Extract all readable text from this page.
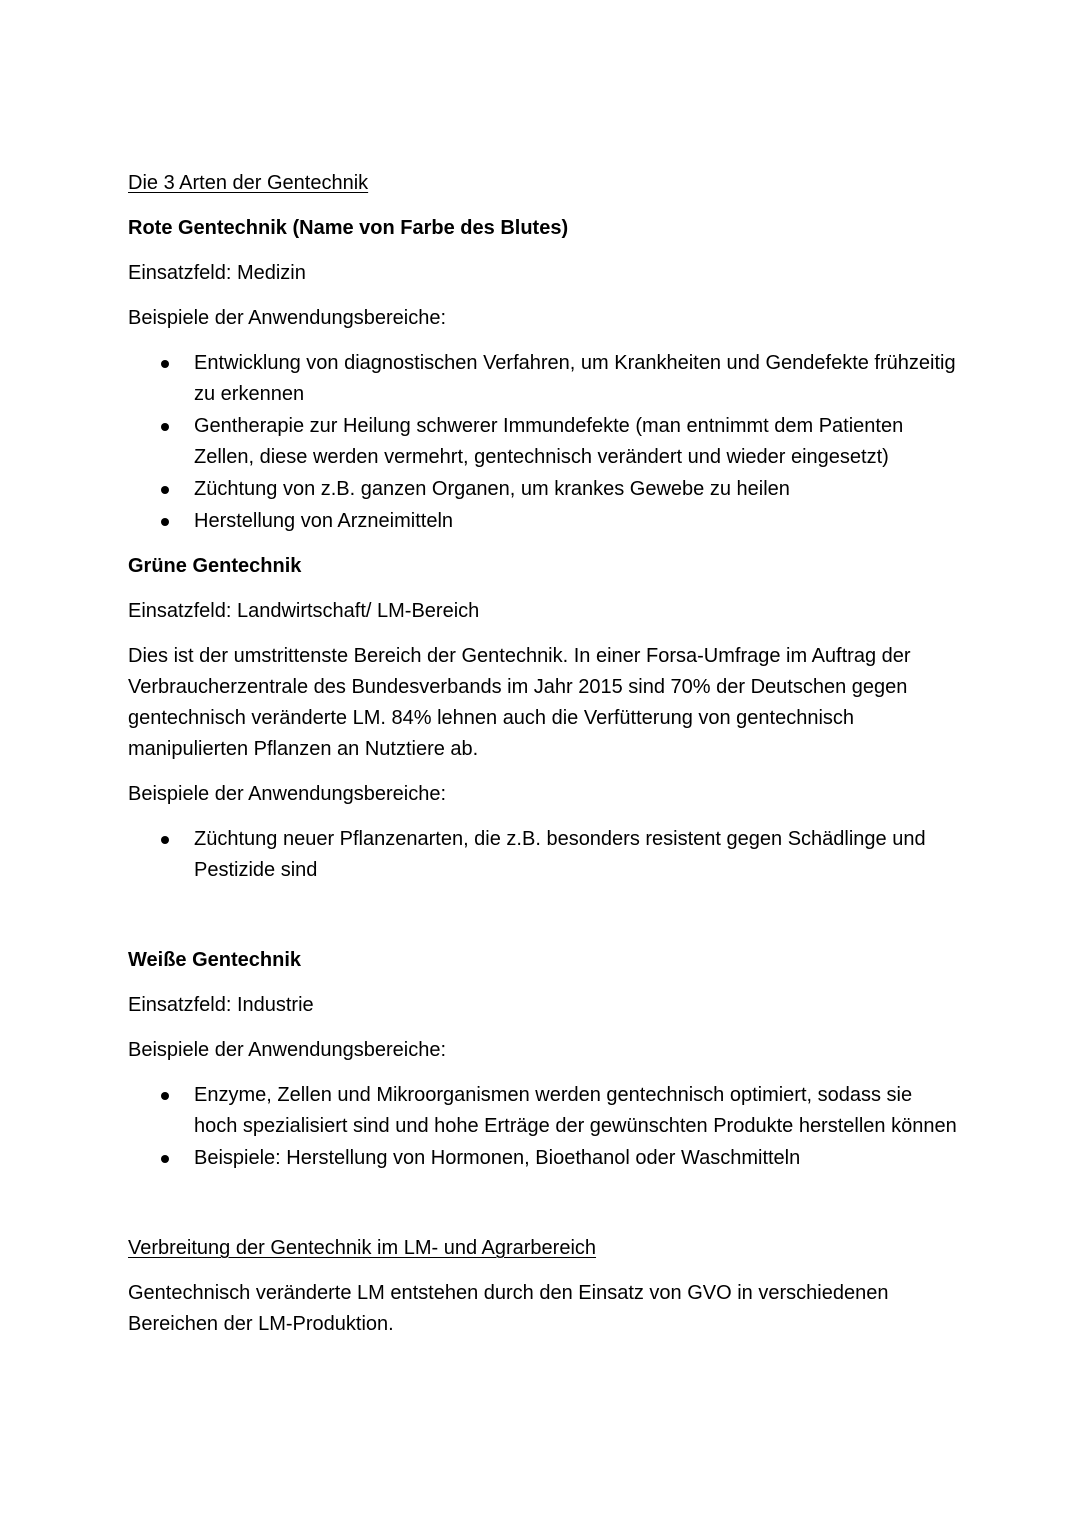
Die 3 Arten der Gentechnik
Rote Gentechnik (Name von Farbe des Blutes)

Einsatzfeld: Medizin

Beispiele der Anwendungsbereiche:

Entwicklung von diagnostischen Verfahren, um Krankheiten und Gendefekte frühzeitig zu erkennen
Gentherapie zur Heilung schwerer Immundefekte (man entnimmt dem Patienten Zellen, diese werden vermehrt, gentechnisch verändert und wieder eingesetzt)
Züchtung von z.B. ganzen Organen, um krankes Gewebe zu heilen
Herstellung von Arzneimitteln
Grüne Gentechnik

Einsatzfeld: Landwirtschaft/ LM-Bereich

Dies ist der umstrittenste Bereich der Gentechnik. In einer Forsa-Umfrage im Auftrag der Verbraucherzentrale des Bundesverbands im Jahr 2015 sind 70% der Deutschen gegen gentechnisch veränderte LM. 84% lehnen auch die Verfütterung von gentechnisch manipulierten Pflanzen an Nutztiere ab.

Beispiele der Anwendungsbereiche:

Züchtung neuer Pflanzenarten, die z.B. besonders resistent gegen Schädlinge und Pestizide sind
Weiße Gentechnik

Einsatzfeld: Industrie

Beispiele der Anwendungsbereiche:

Enzyme, Zellen und Mikroorganismen werden gentechnisch optimiert, sodass sie hoch spezialisiert sind und hohe Erträge der gewünschten Produkte herstellen können
Beispiele: Herstellung von Hormonen, Bioethanol oder Waschmitteln
Verbreitung der Gentechnik im LM- und Agrarbereich

Gentechnisch veränderte LM entstehen durch den Einsatz von GVO in verschiedenen Bereichen der LM-Produktion.
